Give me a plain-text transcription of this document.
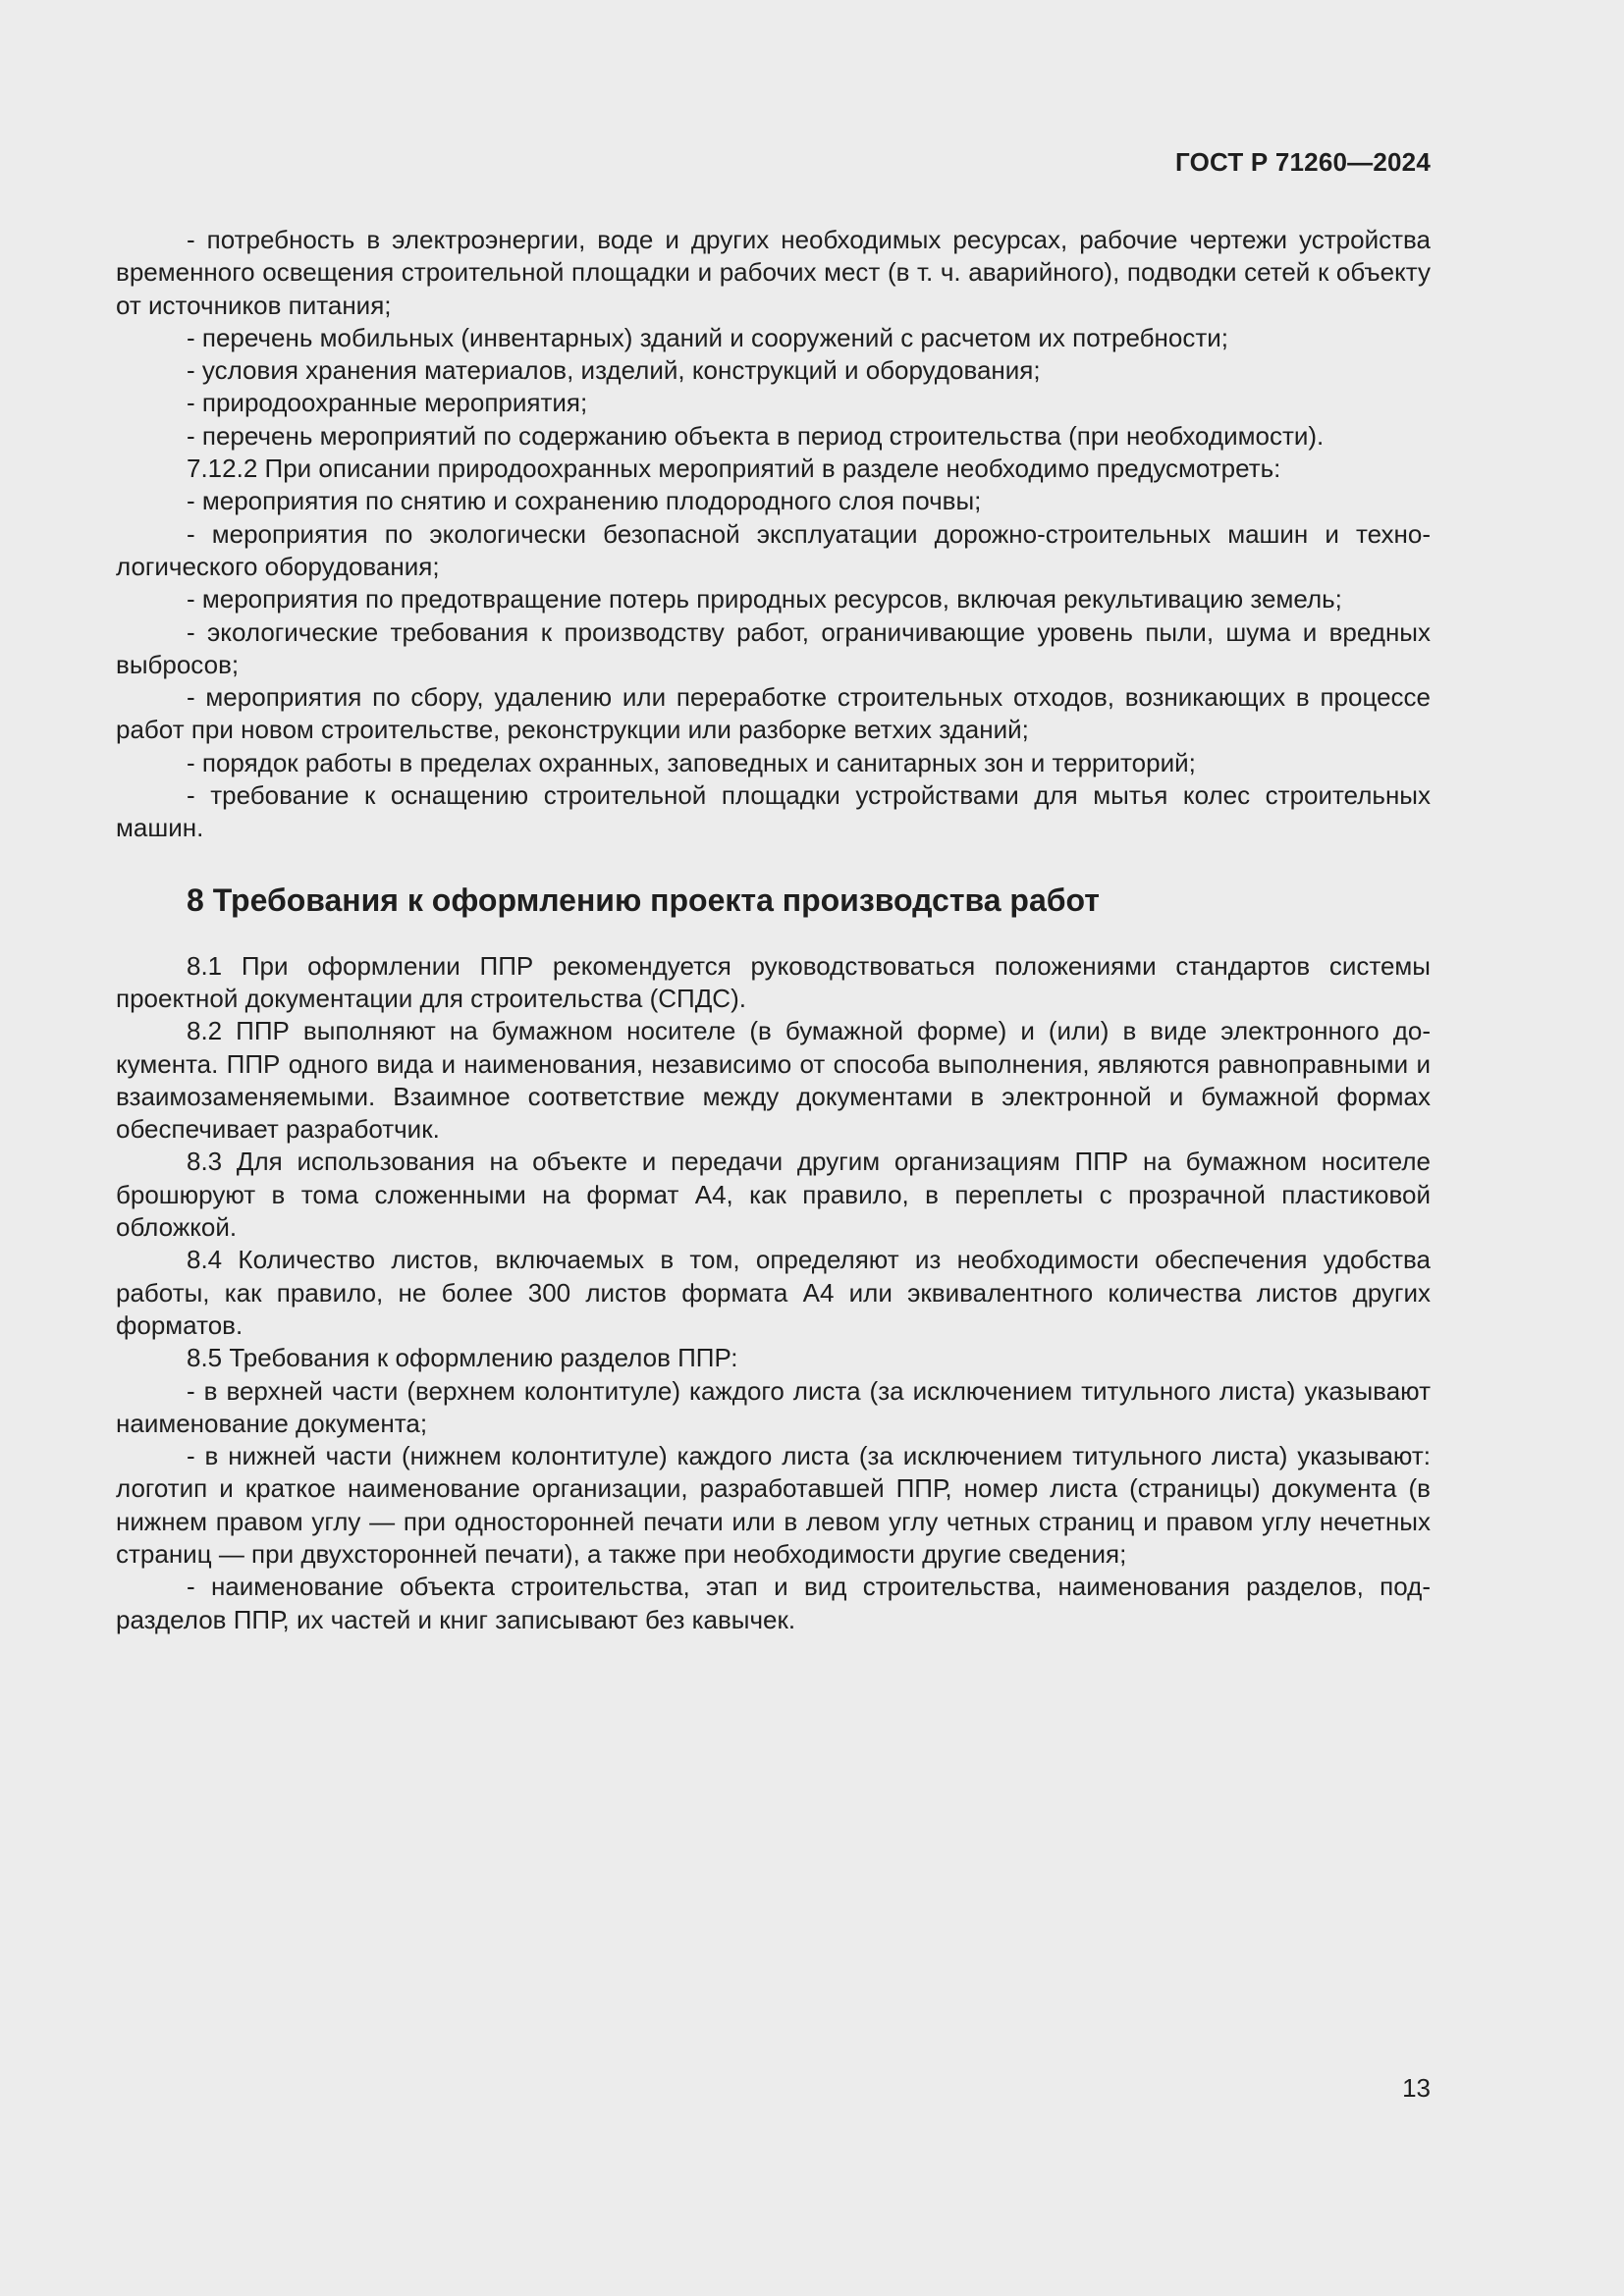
ГОСТ Р 71260—2024

- потребность в электроэнергии, воде и других необходимых ресурсах, рабочие чертежи устройства временного освещения строительной площадки и рабочих мест (в т. ч. аварийного), подводки сетей к объекту от источников питания;

- перечень мобильных (инвентарных) зданий и сооружений с расчетом их потребности;

- условия хранения материалов, изделий, конструкций и оборудования;

- природоохранные мероприятия;

- перечень мероприятий по содержанию объекта в период строительства (при необходимости).

7.12.2 При описании природоохранных мероприятий в разделе необходимо предусмотреть:

- мероприятия по снятию и сохранению плодородного слоя почвы;

- мероприятия по экологически безопасной эксплуатации дорожно-строительных машин и технологического оборудования;

- мероприятия по предотвращение потерь природных ресурсов, включая рекультивацию земель;

- экологические требования к производству работ, ограничивающие уровень пыли, шума и вредных выбросов;

- мероприятия по сбору, удалению или переработке строительных отходов, возникающих в процессе работ при новом строительстве, реконструкции или разборке ветхих зданий;

- порядок работы в пределах охранных, заповедных и санитарных зон и территорий;

- требование к оснащению строительной площадки устройствами для мытья колес строительных машин.

8 Требования к оформлению проекта производства работ

8.1 При оформлении ППР рекомендуется руководствоваться положениями стандартов системы проектной документации для строительства (СПДС).

8.2 ППР выполняют на бумажном носителе (в бумажной форме) и (или) в виде электронного документа. ППР одного вида и наименования, независимо от способа выполнения, являются равноправными и взаимозаменяемыми. Взаимное соответствие между документами в электронной и бумажной формах обеспечивает разработчик.

8.3 Для использования на объекте и передачи другим организациям ППР на бумажном носителе брошюруют в тома сложенными на формат А4, как правило, в переплеты с прозрачной пластиковой обложкой.

8.4 Количество листов, включаемых в том, определяют из необходимости обеспечения удобства работы, как правило, не более 300 листов формата А4 или эквивалентного количества листов других форматов.

8.5 Требования к оформлению разделов ППР:

- в верхней части (верхнем колонтитуле) каждого листа (за исключением титульного листа) указывают наименование документа;

- в нижней части (нижнем колонтитуле) каждого листа (за исключением титульного листа) указывают: логотип и краткое наименование организации, разработавшей ППР, номер листа (страницы) документа (в нижнем правом углу — при односторонней печати или в левом углу четных страниц и правом углу нечетных страниц — при двухсторонней печати), а также при необходимости другие сведения;

- наименование объекта строительства, этап и вид строительства, наименования разделов, подразделов ППР, их частей и книг записывают без кавычек.

13
